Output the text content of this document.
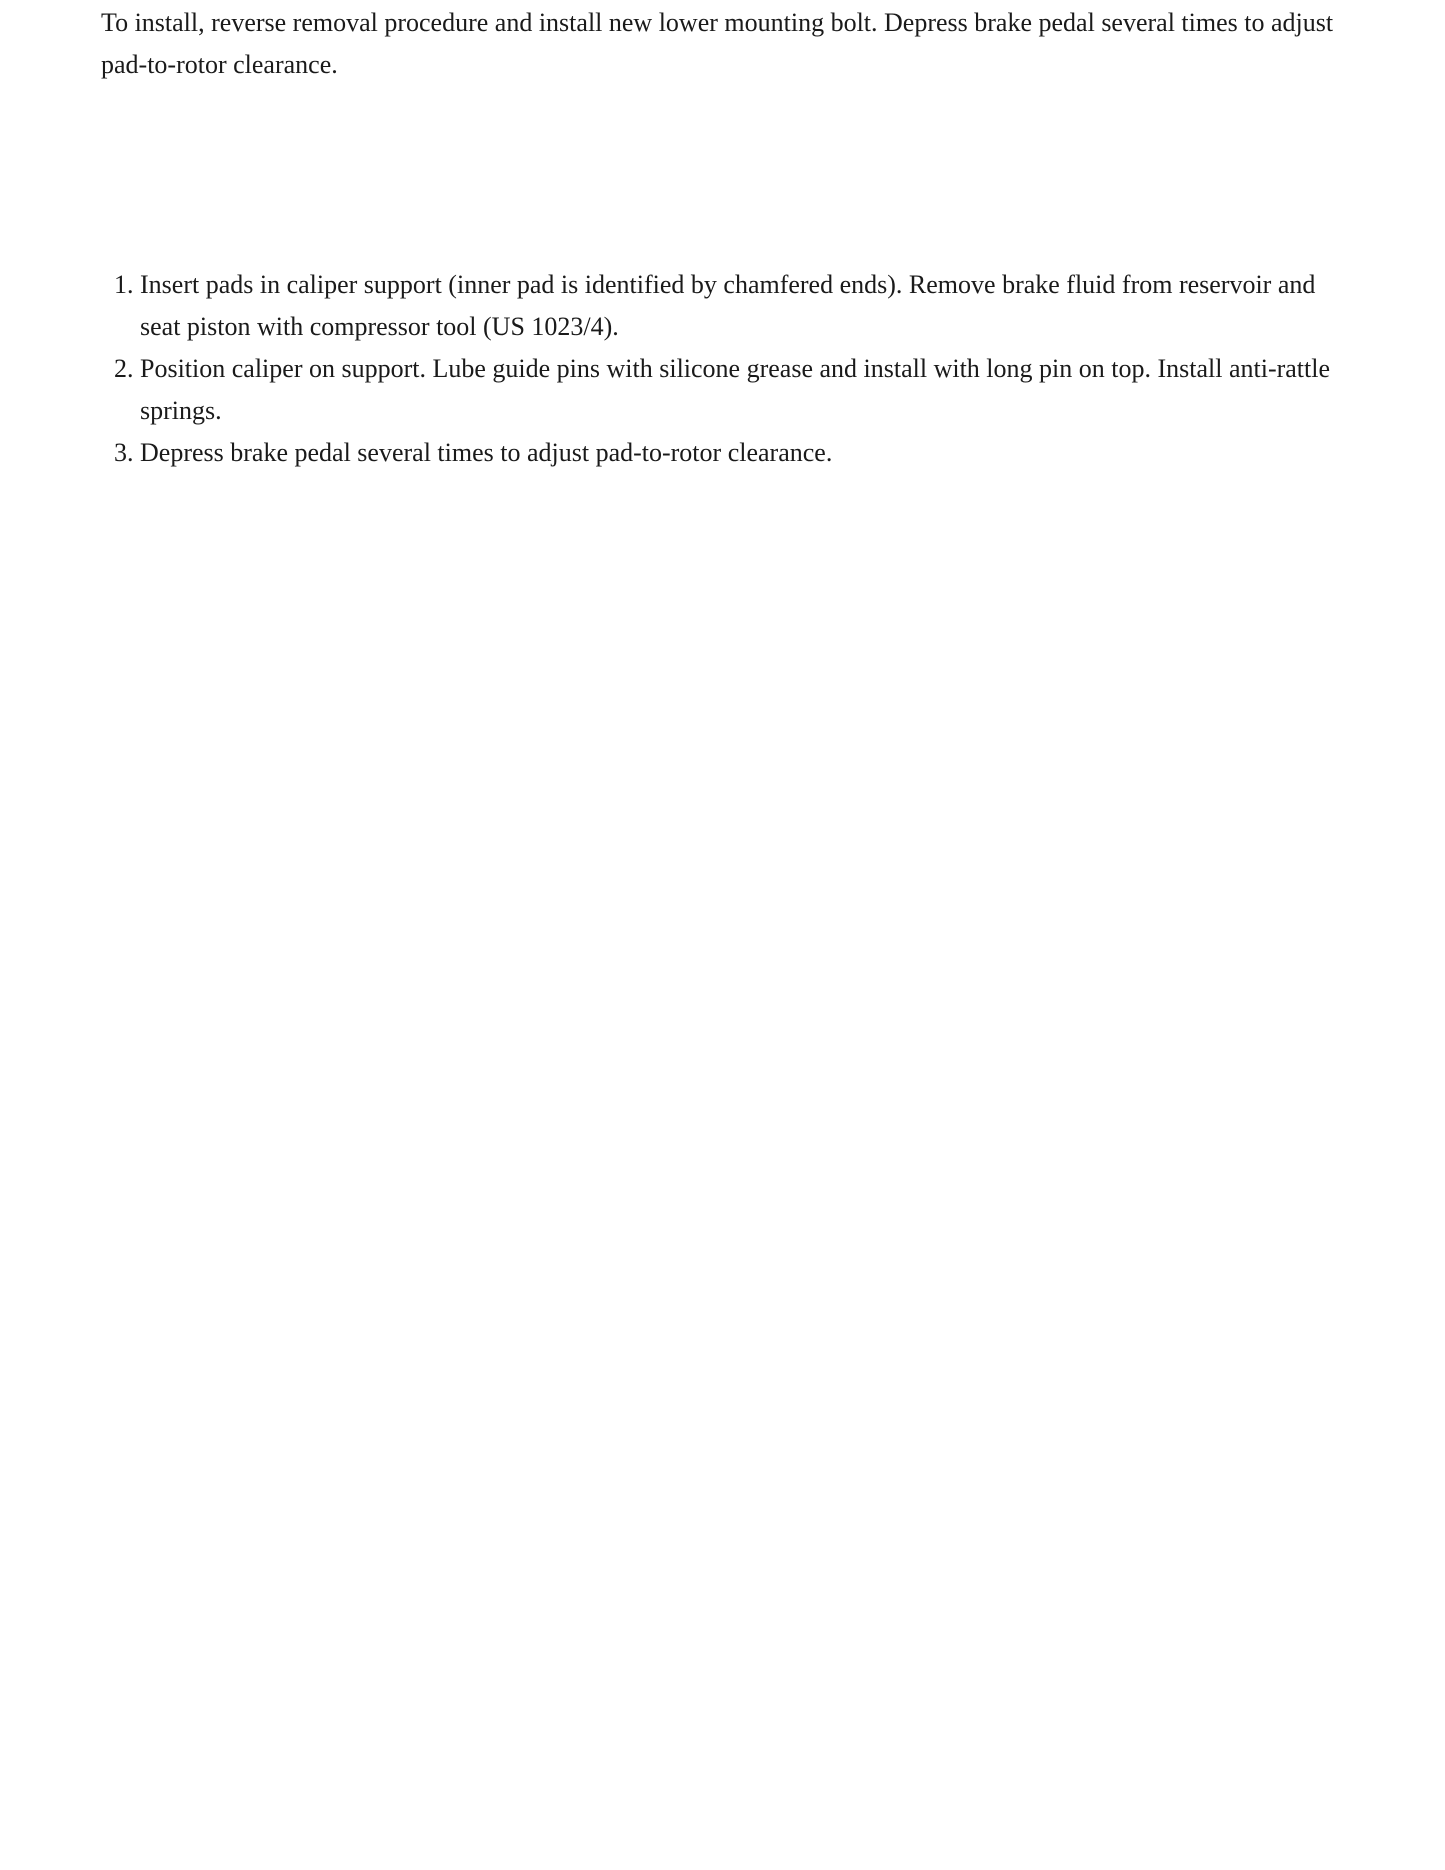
To install, reverse removal procedure and install new lower mounting bolt. Depress brake pedal several times to adjust pad-to-rotor clearance.

1. Insert pads in caliper support (inner pad is identified by chamfered ends). Remove brake fluid from reservoir and seat piston with compressor tool (US 1023/4).
2. Position caliper on support. Lube guide pins with silicone grease and install with long pin on top. Install anti-rattle springs.
3. Depress brake pedal several times to adjust pad-to-rotor clearance.
